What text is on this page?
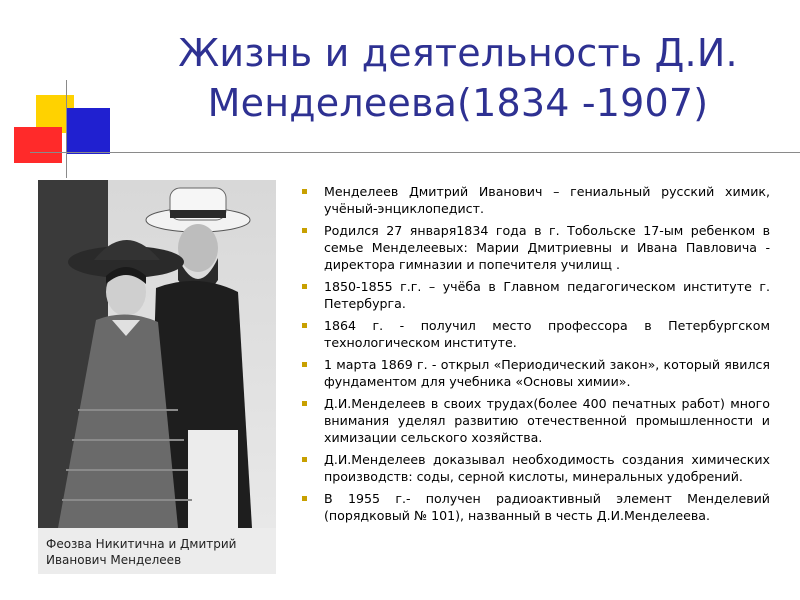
Жизнь и деятельность Д.И.
Менделеева(1834 -1907)
Феозва Никитична и Дмитрий
Иванович Менделеев
Менделеев Дмитрий Иванович – гениальный русский химик, учёный-энциклопедист.
Родился 27 января1834 года в г. Тобольске 17-ым ребенком в семье Менделеевых: Марии Дмитриевны и Ивана Павловича - директора гимназии и попечителя училищ .
1850-1855 г.г. – учёба в Главном педагогическом институте г. Петербурга.
1864 г. - получил место профессора в Петербургском технологическом институте.
1 марта 1869 г. - открыл «Периодический закон», который явился фундаментом для учебника «Основы химии».
Д.И.Менделеев в своих трудах(более 400 печатных работ) много внимания уделял развитию отечественной промышленности и химизации сельского хозяйства.
Д.И.Менделеев доказывал необходимость создания химических производств: соды, серной кислоты, минеральных удобрений.
В 1955 г.- получен радиоактивный элемент Менделевий (порядковый № 101), названный в честь Д.И.Менделеева.
